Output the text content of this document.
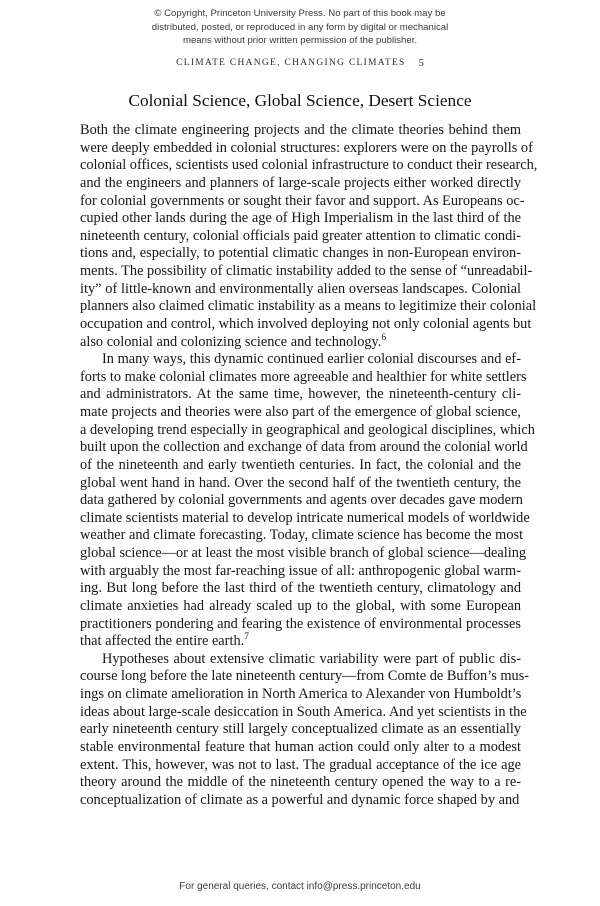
© Copyright, Princeton University Press. No part of this book may be
distributed, posted, or reproduced in any form by digital or mechanical
means without prior written permission of the publisher.
CLIMATE CHANGE, CHANGING CLIMATES 5
Colonial Science, Global Science, Desert Science

Both the climate engineering projects and the climate theories behind them
were deeply embedded in colonial structures: explorers were on the payrolls of
colonial offices, scientists used colonial infrastructure to conduct their research,
and the engineers and planners of large-scale projects either worked directly
for colonial governments or sought their favor and support. As Europeans oc-
cupied other lands during the age of High Imperialism in the last third of the
nineteenth century, colonial officials paid greater attention to climatic condi-
tions and, especially, to potential climatic changes in non-European environ-
ments. The possibility of climatic instability added to the sense of “unreadabil-
ity” of little-known and environmentally alien overseas landscapes. Colonial
planners also claimed climatic instability as a means to legitimize their colonial
occupation and control, which involved deploying not only colonial agents but
also colonial and colonizing science and technology.$^6$

In many ways, this dynamic continued earlier colonial discourses and ef-
forts to make colonial climates more agreeable and healthier for white settlers
and administrators. At the same time, however, the nineteenth-century cli-
mate projects and theories were also part of the emergence of global science,
a developing trend especially in geographical and geological disciplines, which
built upon the collection and exchange of data from around the colonial world
of the nineteenth and early twentieth centuries. In fact, the colonial and the
global went hand in hand. Over the second half of the twentieth century, the
data gathered by colonial governments and agents over decades gave modern
climate scientists material to develop intricate numerical models of worldwide
weather and climate forecasting. Today, climate science has become the most
global science—or at least the most visible branch of global science—dealing
with arguably the most far-reaching issue of all: anthropogenic global warm-
ing. But long before the last third of the twentieth century, climatology and
climate anxieties had already scaled up to the global, with some European
practitioners pondering and fearing the existence of environmental processes
that affected the entire earth.$^7$

Hypotheses about extensive climatic variability were part of public dis-
course long before the late nineteenth century—from Comte de Buffon’s mus-
ings on climate amelioration in North America to Alexander von Humboldt’s
ideas about large-scale desiccation in South America. And yet scientists in the
early nineteenth century still largely conceptualized climate as an essentially
stable environmental feature that human action could only alter to a modest
extent. This, however, was not to last. The gradual acceptance of the ice age
theory around the middle of the nineteenth century opened the way to a re-
conceptualization of climate as a powerful and dynamic force shaped by and

For general queries, contact info@press.princeton.edu
